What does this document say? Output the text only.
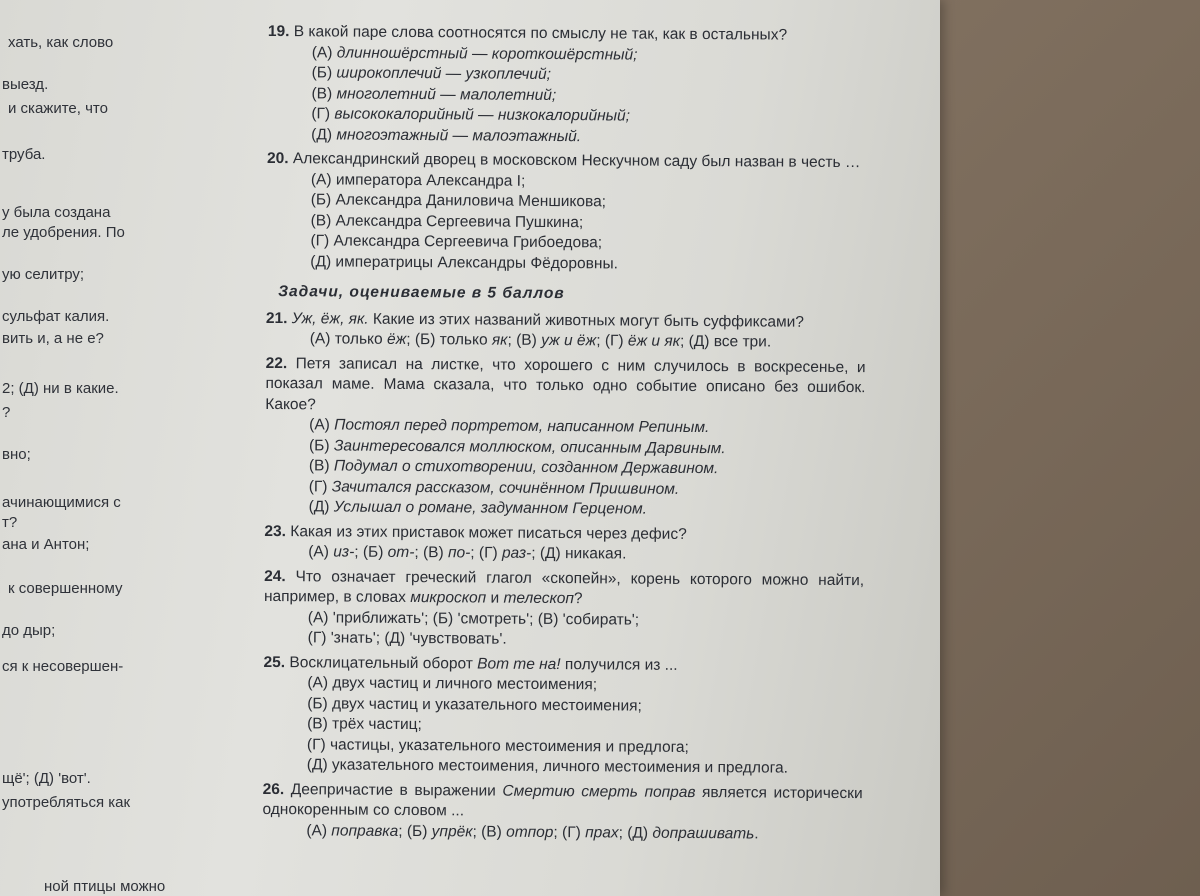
хать, как слово
выезд.
и скажите, что
труба.
у была создана
ле удобрения. По
ую селитру;
сульфат калия.
вить и, а не е?
2; (Д) ни в какие.
?
вно;
ачинающимися с
т?
ана и Антон;
к совершенному
до дыр;
ся к несовершен-
щё'; (Д) 'вот'.
употребляться как
ной птицы можно
19. В какой паре слова соотносятся по смыслу не так, как в остальных?
(А) длинношёрстный — короткошёрстный;
(Б) широкоплечий — узкоплечий;
(В) многолетний — малолетний;
(Г) высококалорийный — низкокалорийный;
(Д) многоэтажный — малоэтажный.
20. Александринский дворец в московском Нескучном саду был назван в честь …
(А) императора Александра I;
(Б) Александра Даниловича Меншикова;
(В) Александра Сергеевича Пушкина;
(Г) Александра Сергеевича Грибоедова;
(Д) императрицы Александры Фёдоровны.
Задачи, оцениваемые в 5 баллов
21. Уж, ёж, як. Какие из этих названий животных могут быть суффиксами?
(А) только ёж; (Б) только як; (В) уж и ёж; (Г) ёж и як; (Д) все три.
22. Петя записал на листке, что хорошего с ним случилось в воскресенье, и показал маме. Мама сказала, что только одно событие описано без ошибок. Какое?
(А) Постоял перед портретом, написанном Репиным.
(Б) Заинтересовался моллюском, описанным Дарвиным.
(В) Подумал о стихотворении, созданном Державином.
(Г) Зачитался рассказом, сочинённом Пришвином.
(Д) Услышал о романе, задуманном Герценом.
23. Какая из этих приставок может писаться через дефис?
(А) из-; (Б) от-; (В) по-; (Г) раз-; (Д) никакая.
24. Что означает греческий глагол «скопейн», корень которого можно найти, например, в словах микроскоп и телескоп?
(А) 'приближать'; (Б) 'смотреть'; (В) 'собирать';
(Г) 'знать'; (Д) 'чувствовать'.
25. Восклицательный оборот Вот те на! получился из ...
(А) двух частиц и личного местоимения;
(Б) двух частиц и указательного местоимения;
(В) трёх частиц;
(Г) частицы, указательного местоимения и предлога;
(Д) указательного местоимения, личного местоимения и предлога.
26. Деепричастие в выражении Смертию смерть поправ является исторически однокоренным со словом ...
(А) поправка; (Б) упрёк; (В) отпор; (Г) прах; (Д) допрашивать.
